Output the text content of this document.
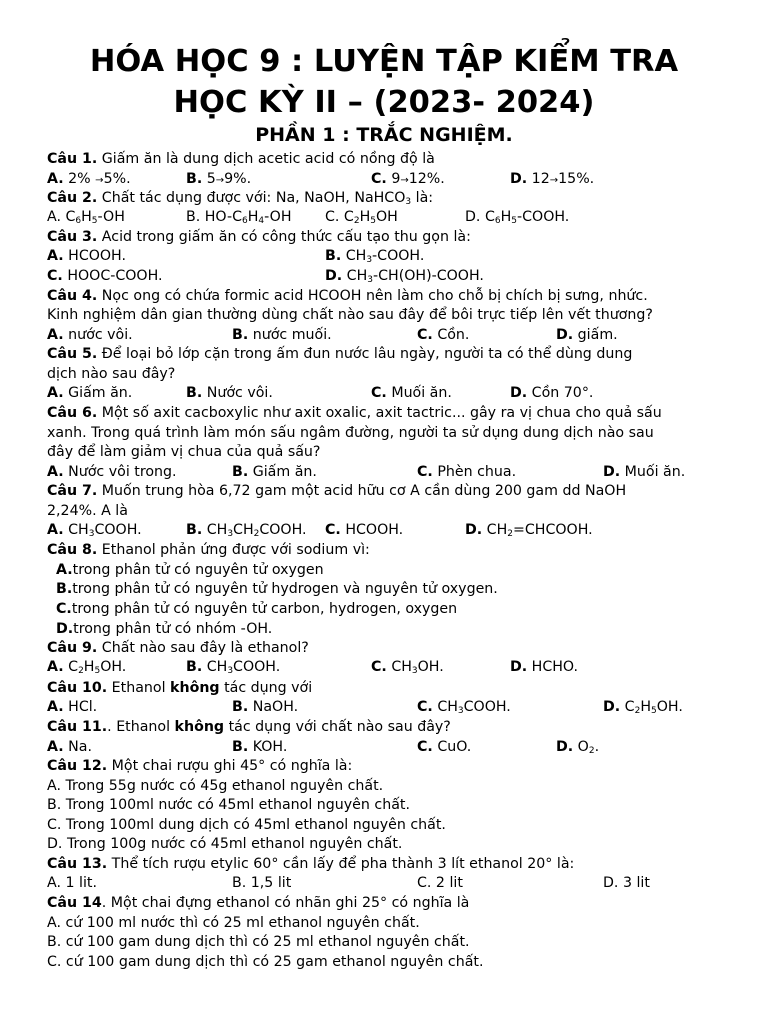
HÓA HỌC 9 : LUYỆN TẬP KIỂM TRA
HỌC KỲ II – (2023- 2024)
PHẦN 1 : TRẮC NGHIỆM.
Câu 1. Giấm ăn là dung dịch acetic acid có nồng độ là
A. 2% →5%.	B. 5→9%.	C. 9→12%.	D. 12→15%.
Câu 2. Chất tác dụng được với: Na, NaOH, NaHCO$_3$ là:
A. $C_6H_5-OH$	B. $HO-C_6H_4-OH$ C. $C_2H_5OH$	D. $C_6H_5$-COOH.
Câu 3. Acid trong giấm ăn có công thức cấu tạo thu gọn là:
A. HCOOH.	B. $CH_3$-COOH.
C. HOOC-COOH.	D. $CH_3-CH(OH)$-COOH.
Câu 4. Nọc ong có chứa formic acid HCOOH nên làm cho chỗ bị chích bị sưng, nhức.
Kinh nghiệm dân gian thường dùng chất nào sau đây để bôi trực tiếp lên vết thương?
A. nước vôi.	B. nước muối.	C. Cồn.	D. giấm.
Câu 5. Để loại bỏ lớp cặn trong ấm đun nước lâu ngày, người ta có thể dùng dung
dịch nào sau đây?
A. Giấm ăn.	B. Nước vôi.	C. Muối ăn.	D. Cồn 70°.
Câu 6. Một số axit cacboxylic như axit oxalic, axit tactric... gây ra vị chua cho quả sấu
xanh. Trong quá trình làm món sấu ngâm đường, người ta sử dụng dung dịch nào sau
đây để làm giảm vị chua của quả sấu?
A. Nước vôi trong.	B. Giấm ăn.	C. Phèn chua.	D. Muối ăn.
Câu 7. Muốn trung hòa 6,72 gam một acid hữu cơ A cần dùng 200 gam dd NaOH
2,24%. A là
A. $CH_3COOH$.	B. $CH_3CH_2COOH$. C. HCOOH.	D. $CH_2=CHCOOH$.
Câu 8. Ethanol phản ứng được với sodium vì:
A.trong phân tử có nguyên tử oxygen
B.trong phân tử có nguyên tử hydrogen và nguyên tử oxygen.
C.trong phân tử có nguyên tử carbon, hydrogen, oxygen
D.trong phân tử có nhóm -OH.
Câu 9. Chất nào sau đây là ethanol?
A. $C_2H_5OH$.	B. $CH_3COOH$.	C. $CH_3OH$.	D. HCHO.
Câu 10. Ethanol không tác dụng với
A. HCl.	B. NaOH.	C. $CH_3COOH$.	D. $C_2H_5OH$.
Câu 11.. Ethanol không tác dụng với chất nào sau đây?
A. Na.	B. KOH.	C. CuO.	D. $O_2$.
Câu 12. Một chai rượu ghi 45° có nghĩa là:
A. Trong 55g nước có 45g ethanol nguyên chất.
B. Trong 100ml nước có 45ml ethanol nguyên chất.
C. Trong 100ml dung dịch có 45ml ethanol nguyên chất.
D. Trong 100g nước có 45ml ethanol nguyên chất.
Câu 13. Thể tích rượu etylic 60° cần lấy để pha thành 3 lít ethanol 20° là:
A. 1 lit.	B. 1,5 lit	C. 2 lit	D. 3 lit
Câu 14. Một chai đựng ethanol có nhãn ghi 25° có nghĩa là
A. cứ 100 ml nước thì có 25 ml ethanol nguyên chất.
B. cứ 100 gam dung dịch thì có 25 ml ethanol nguyên chất.
C. cứ 100 gam dung dịch thì có 25 gam ethanol nguyên chất.
